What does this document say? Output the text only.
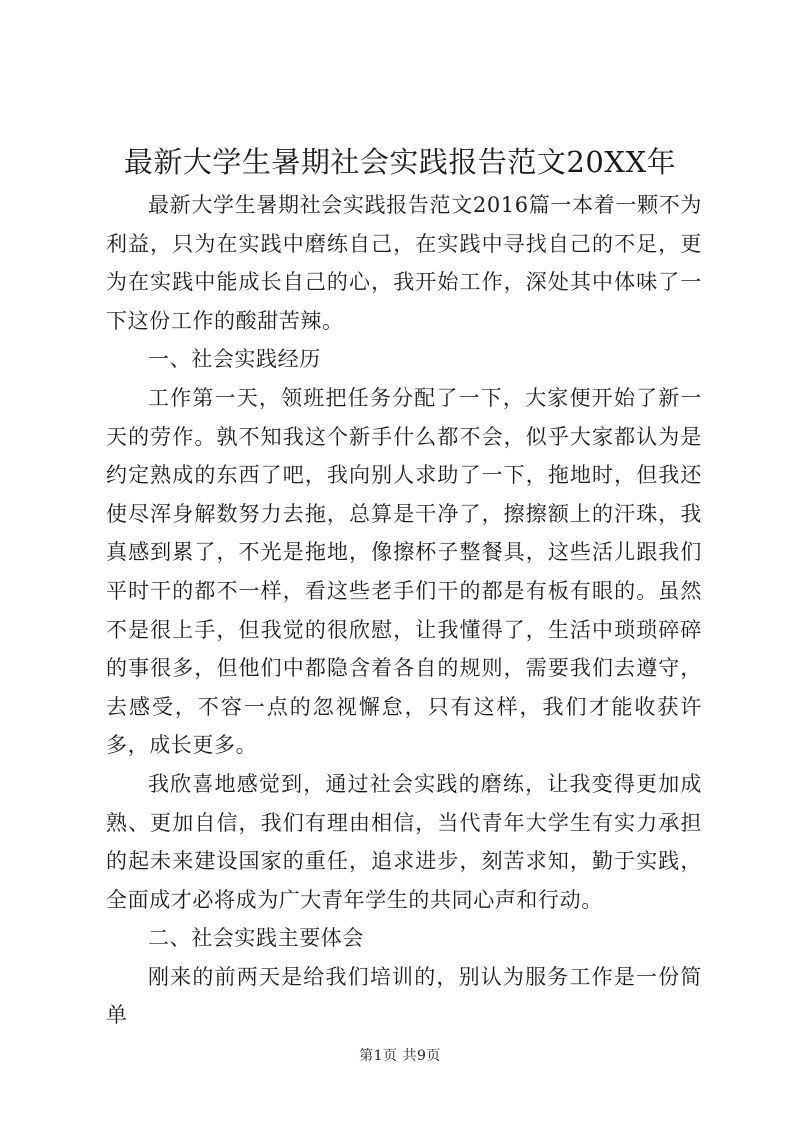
最新大学生暑期社会实践报告范文20XX年

最新大学生暑期社会实践报告范文2016篇一本着一颗不为利益，只为在实践中磨练自己，在实践中寻找自己的不足，更为在实践中能成长自己的心，我开始工作，深处其中体味了一下这份工作的酸甜苦辣。

一、社会实践经历

工作第一天，领班把任务分配了一下，大家便开始了新一天的劳作。孰不知我这个新手什么都不会，似乎大家都认为是约定熟成的东西了吧，我向别人求助了一下，拖地时，但我还使尽浑身解数努力去拖，总算是干净了，擦擦额上的汗珠，我真感到累了，不光是拖地，像擦杯子整餐具，这些活儿跟我们平时干的都不一样，看这些老手们干的都是有板有眼的。虽然不是很上手，但我觉的很欣慰，让我懂得了，生活中琐琐碎碎的事很多，但他们中都隐含着各自的规则，需要我们去遵守，去感受，不容一点的忽视懈怠，只有这样，我们才能收获许多，成长更多。

我欣喜地感觉到，通过社会实践的磨练，让我变得更加成熟、更加自信，我们有理由相信，当代青年大学生有实力承担的起未来建设国家的重任，追求进步，刻苦求知，勤于实践，全面成才必将成为广大青年学生的共同心声和行动。

二、社会实践主要体会

刚来的前两天是给我们培训的，别认为服务工作是一份简单

第1页 共9页
